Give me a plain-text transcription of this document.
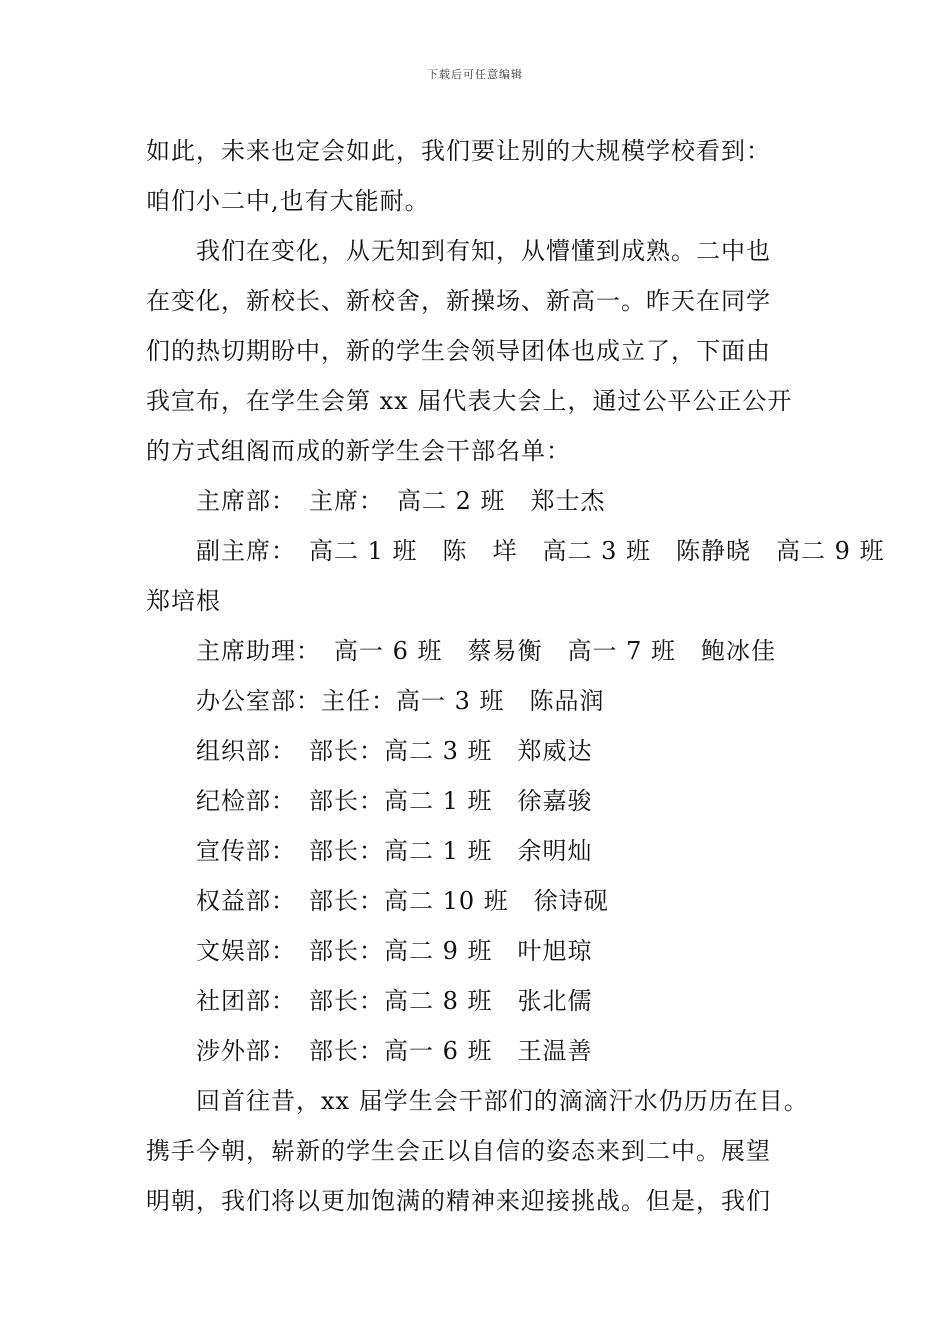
下载后可任意编辑
如此，未来也定会如此，我们要让别的大规模学校看到：
咱们小二中,也有大能耐。
我们在变化，从无知到有知，从懵懂到成熟。二中也
在变化，新校长、新校舍，新操场、新高一。昨天在同学
们的热切期盼中，新的学生会领导团体也成立了，下面由
我宣布，在学生会第 xx 届代表大会上，通过公平公正公开
的方式组阁而成的新学生会干部名单：
主席部：　主席：　高二 2 班　郑士杰
副主席：　高二 1 班　陈　垟　高二 3 班　陈静晓　高二 9 班
郑培根
主席助理：　高一 6 班　蔡易衡　高一 7 班　鲍冰佳
办公室部：主任：高一 3 班　陈品润
组织部：　部长：高二 3 班　郑威达
纪检部：　部长：高二 1 班　徐嘉骏
宣传部：　部长：高二 1 班　余明灿
权益部：　部长：高二 10 班　徐诗砚
文娱部：　部长：高二 9 班　叶旭琼
社团部：　部长：高二 8 班　张北儒
涉外部：　部长：高一 6 班　王温善
回首往昔，xx 届学生会干部们的滴滴汗水仍历历在目。
携手今朝，崭新的学生会正以自信的姿态来到二中。展望
明朝，我们将以更加饱满的精神来迎接挑战。但是，我们
